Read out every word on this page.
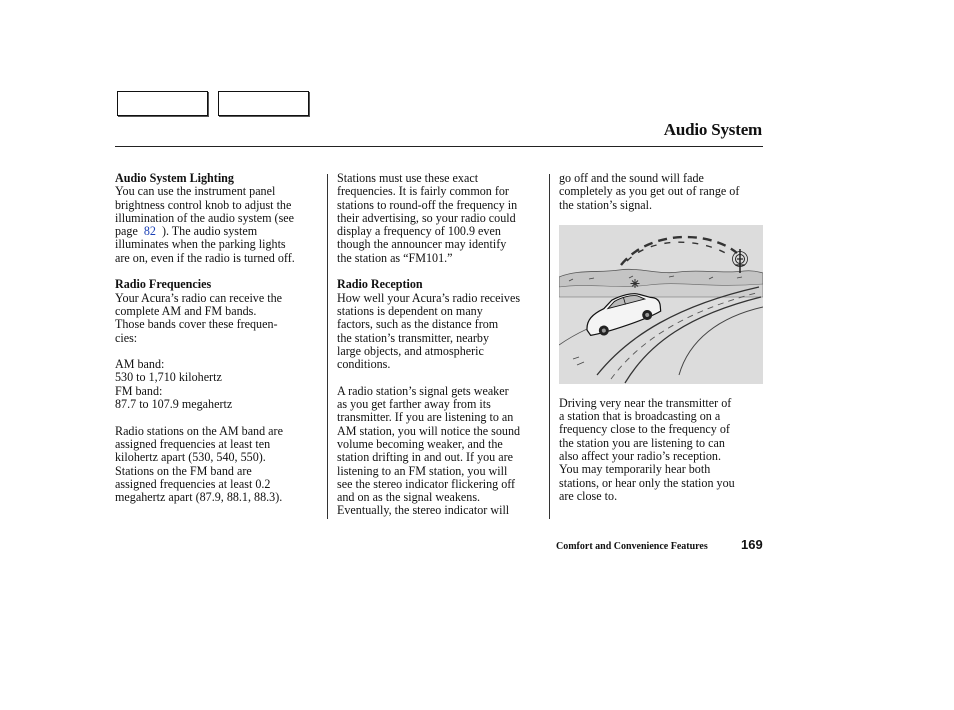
Audio System
Audio System Lighting

You can use the instrument panel
brightness control knob to adjust the
illumination of the audio system (see
page 82 ). The audio system
illuminates when the parking lights
are on, even if the radio is turned off.

Radio Frequencies

Your Acura’s radio can receive the
complete AM and FM bands.
Those bands cover these frequen-
cies:

AM band:
530 to 1,710 kilohertz
FM band:
87.7 to 107.9 megahertz

Radio stations on the AM band are
assigned frequencies at least ten
kilohertz apart (530, 540, 550).
Stations on the FM band are
assigned frequencies at least 0.2
megahertz apart (87.9, 88.1, 88.3).

Stations must use these exact
frequencies. It is fairly common for
stations to round-off the frequency in
their advertising, so your radio could
display a frequency of 100.9 even
though the announcer may identify
the station as “FM101.”

Radio Reception

How well your Acura’s radio receives
stations is dependent on many
factors, such as the distance from
the station’s transmitter, nearby
large objects, and atmospheric
conditions.

A radio station’s signal gets weaker
as you get farther away from its
transmitter. If you are listening to an
AM station, you will notice the sound
volume becoming weaker, and the
station drifting in and out. If you are
listening to an FM station, you will
see the stereo indicator flickering off
and on as the signal weakens.
Eventually, the stereo indicator will

go off and the sound will fade
completely as you get out of range of
the station’s signal.

Driving very near the transmitter of
a station that is broadcasting on a
frequency close to the frequency of
the station you are listening to can
also affect your radio’s reception.
You may temporarily hear both
stations, or hear only the station you
are close to.

Comfort and Convenience Features	169
